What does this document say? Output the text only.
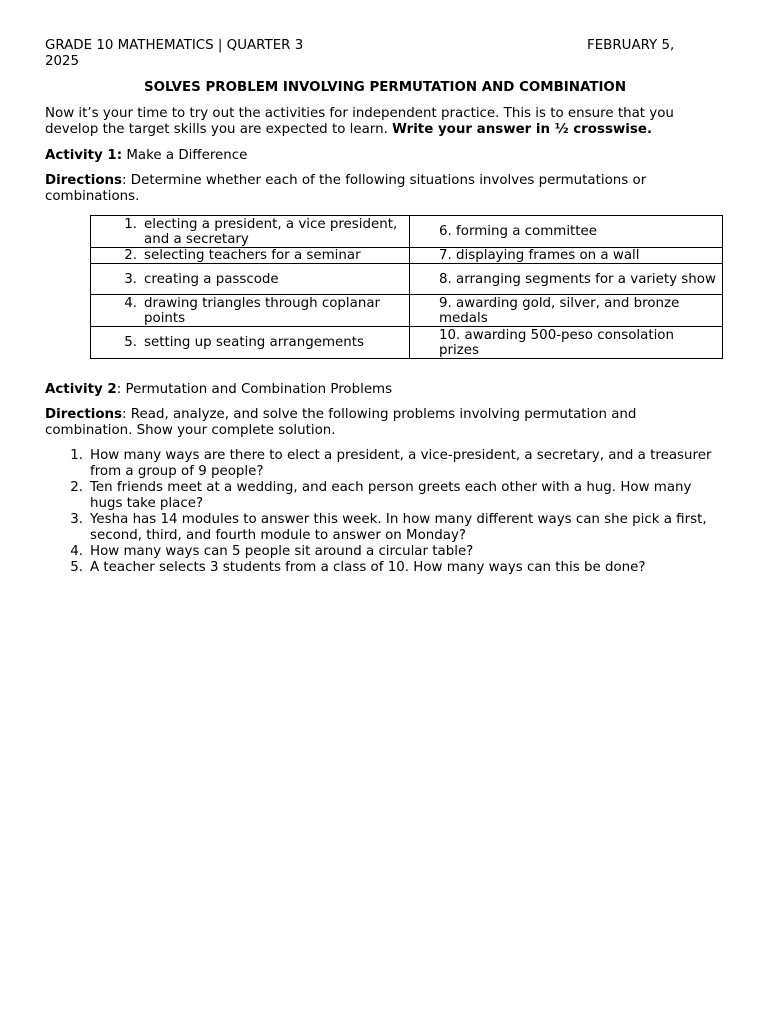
GRADE 10 MATHEMATICS | QUARTER 3	FEBRUARY 5,
2025

SOLVES PROBLEM INVOLVING PERMUTATION AND COMBINATION

Now it’s your time to try out the activities for independent practice. This is to ensure that you develop the target skills you are expected to learn. Write your answer in ½ crosswise.

Activity 1: Make a Difference

Directions: Determine whether each of the following situations involves permutations or combinations.

1. electing a president, a vice president, and a secretary	6. forming a committee

2. selecting teachers for a seminar	7. displaying frames on a wall

3. creating a passcode	8. arranging segments for a variety show

4. drawing triangles through coplanar points	9. awarding gold, silver, and bronze medals

5. setting up seating arrangements	10. awarding 500-peso consolation prizes

Activity 2: Permutation and Combination Problems

Directions: Read, analyze, and solve the following problems involving permutation and combination. Show your complete solution.

1. How many ways are there to elect a president, a vice-president, a secretary, and a treasurer from a group of 9 people?
2. Ten friends meet at a wedding, and each person greets each other with a hug. How many hugs take place?
3. Yesha has 14 modules to answer this week. In how many different ways can she pick a first, second, third, and fourth module to answer on Monday?
4. How many ways can 5 people sit around a circular table?
5. A teacher selects 3 students from a class of 10. How many ways can this be done?
